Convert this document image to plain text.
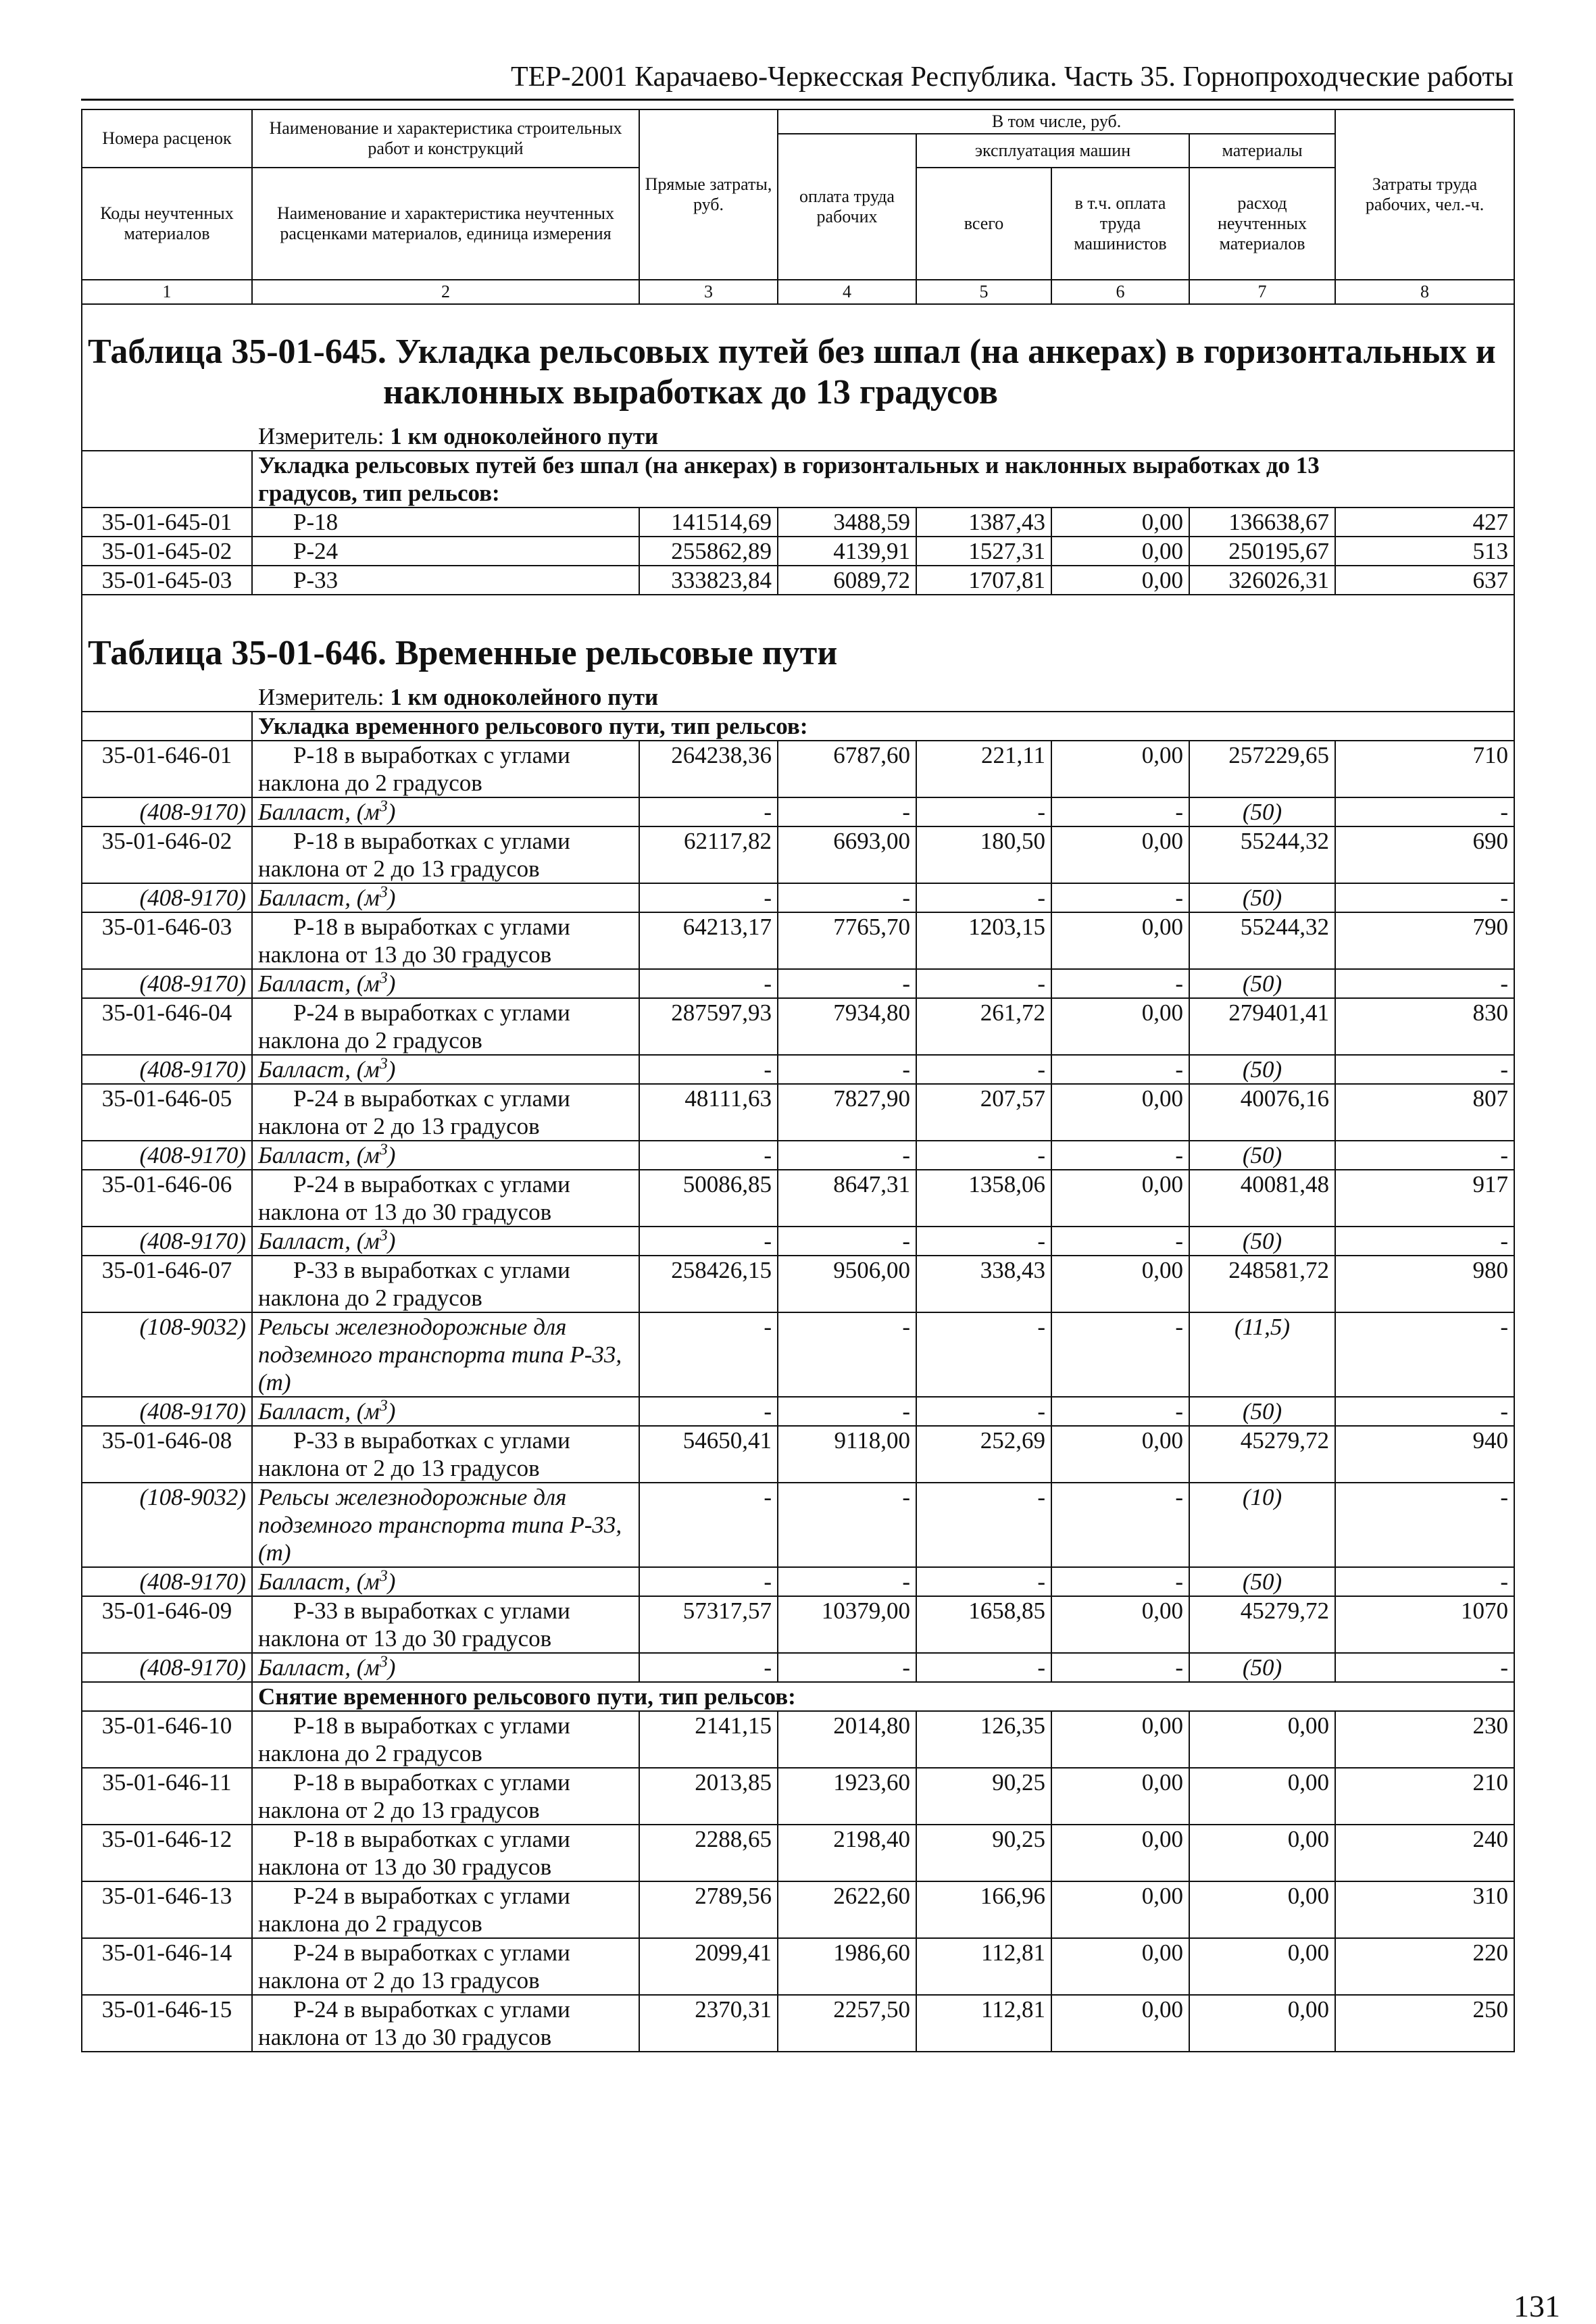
ТЕР-2001 Карачаево-Черкесская Республика. Часть 35. Горнопроходческие работы
Номера расценок	Наименование и характеристика строительных работ и конструкций	Прямые затраты, руб.	В том числе, руб.				Затраты труда рабочих, чел.-ч.
			оплата труда рабочих	эксплуатация машин		материалы	
Коды неучтенных материалов	Наименование и характеристика неучтенных расценками материалов, единица измерения			всего	в т.ч. оплата труда машинистов	расход неучтенных материалов	

1	2	3	4	5	6	7	8
Таблица 35-01-645. Укладка рельсовых путей без шпал (на анкерах) в горизонтальных и
наклонных выработках до 13 градусов							

Измеритель: 1 км одноколейного пути							
	Укладка рельсовых путей без шпал (на анкерах) в горизонтальных и наклонных выработках до 13
градусов, тип рельсов:						
35-01-645-01	Р-18	141514,69	3488,59	1387,43	0,00	136638,67	427
35-01-645-02	Р-24	255862,89	4139,91	1527,31	0,00	250195,67	513
35-01-645-03	Р-33	333823,84	6089,72	1707,81	0,00	326026,31	637
Таблица 35-01-646. Временные рельсовые пути							
Измеритель: 1 км одноколейного пути							
	Укладка временного рельсового пути, тип рельсов:						
35-01-646-01	Р-18 в выработках с углами наклона до 2 градусов	264238,36	6787,60	221,11	0,00	257229,65	710
(408-9170)	Балласт, $(м^3)$	-	-	-	-	(50)	-
35-01-646-02	Р-18 в выработках с углами наклона от 2 до 13 градусов	62117,82	6693,00	180,50	0,00	55244,32	690
(408-9170)	Балласт, $(м^3)$	-	-	-	-	(50)	-
35-01-646-03	Р-18 в выработках с углами наклона от 13 до 30 градусов	64213,17	7765,70	1203,15	0,00	55244,32	790
(408-9170)	Балласт, $(м^3)$	-	-	-	-	(50)	-
35-01-646-04	Р-24 в выработках с углами наклона до 2 градусов	287597,93	7934,80	261,72	0,00	279401,41	830
(408-9170)	Балласт, $(м^3)$	-	-	-	-	(50)	-
35-01-646-05	Р-24 в выработках с углами наклона от 2 до 13 градусов	48111,63	7827,90	207,57	0,00	40076,16	807
(408-9170)	Балласт, $(м^3)$	-	-	-	-	(50)	-
35-01-646-06	Р-24 в выработках с углами наклона от 13 до 30 градусов	50086,85	8647,31	1358,06	0,00	40081,48	917
(408-9170)	Балласт, $(м^3)$	-	-	-	-	(50)	-
35-01-646-07	Р-33 в выработках с углами наклона до 2 градусов	258426,15	9506,00	338,43	0,00	248581,72	980
(108-9032)	Рельсы железнодорожные для подземного транспорта типа Р-33, (т)	-	-	-	-	(11,5)	-
(408-9170)	Балласт, $(м^3)$	-	-	-	-	(50)	-
35-01-646-08	Р-33 в выработках с углами наклона от 2 до 13 градусов	54650,41	9118,00	252,69	0,00	45279,72	940
(108-9032)	Рельсы железнодорожные для подземного транспорта типа Р-33, (т)	-	-	-	-	(10)	-
(408-9170)	Балласт, $(м^3)$	-	-	-	-	(50)	-
35-01-646-09	Р-33 в выработках с углами наклона от 13 до 30 градусов	57317,57	10379,00	1658,85	0,00	45279,72	1070
(408-9170)	Балласт, $(м^3)$	-	-	-	-	(50)	-
	Снятие временного рельсового пути, тип рельсов:						
35-01-646-10	Р-18 в выработках с углами наклона до 2 градусов	2141,15	2014,80	126,35	0,00	0,00	230
35-01-646-11	Р-18 в выработках с углами наклона от 2 до 13 градусов	2013,85	1923,60	90,25	0,00	0,00	210
35-01-646-12	Р-18 в выработках с углами наклона от 13 до 30 градусов	2288,65	2198,40	90,25	0,00	0,00	240
35-01-646-13	Р-24 в выработках с углами наклона до 2 градусов	2789,56	2622,60	166,96	0,00	0,00	310
35-01-646-14	Р-24 в выработках с углами наклона от 2 до 13 градусов	2099,41	1986,60	112,81	0,00	0,00	220
35-01-646-15	Р-24 в выработках с углами наклона от 13 до 30 градусов	2370,31	2257,50	112,81	0,00	0,00	250
131
